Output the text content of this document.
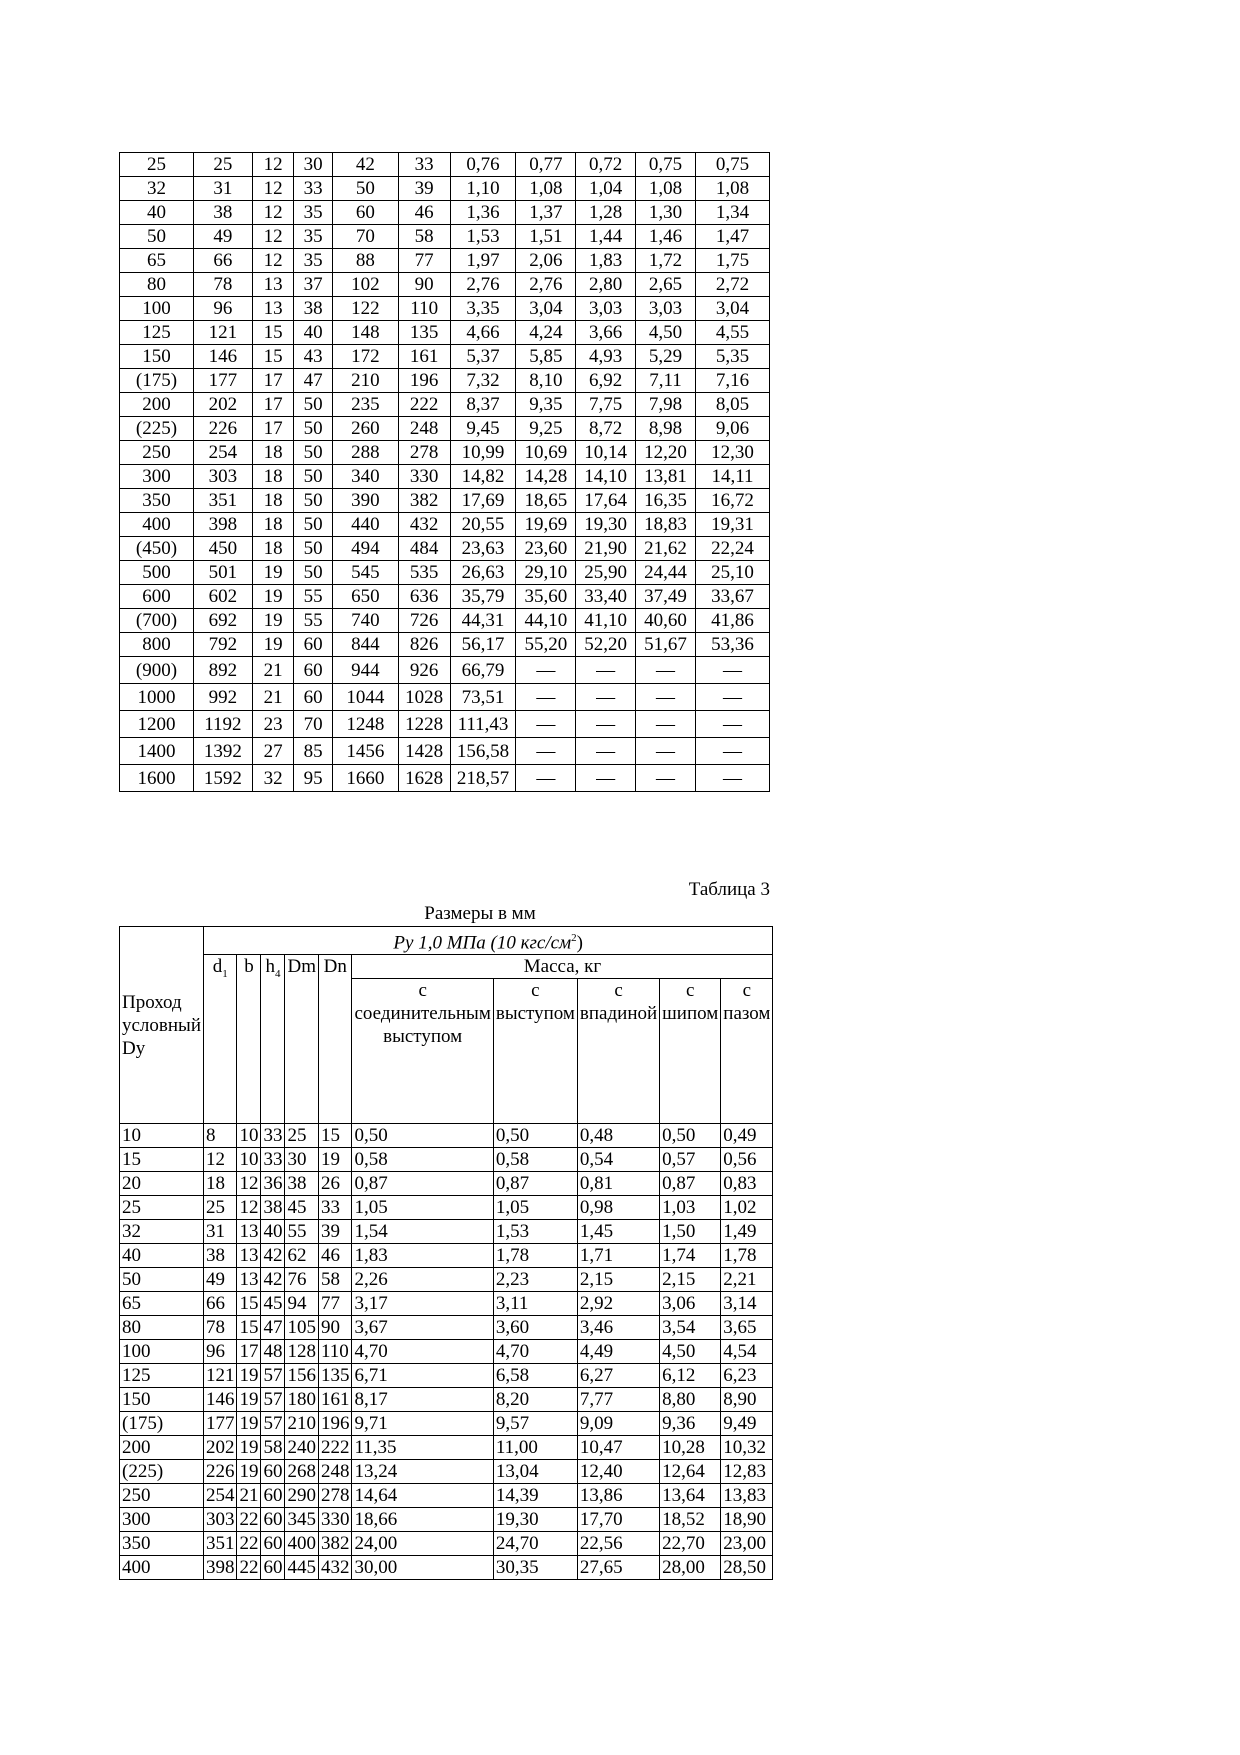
25	25	12	30	42	33	0,76	0,77	0,72	0,75	0,75
32	31	12	33	50	39	1,10	1,08	1,04	1,08	1,08
40	38	12	35	60	46	1,36	1,37	1,28	1,30	1,34
50	49	12	35	70	58	1,53	1,51	1,44	1,46	1,47
65	66	12	35	88	77	1,97	2,06	1,83	1,72	1,75
80	78	13	37	102	90	2,76	2,76	2,80	2,65	2,72
100	96	13	38	122	110	3,35	3,04	3,03	3,03	3,04
125	121	15	40	148	135	4,66	4,24	3,66	4,50	4,55
150	146	15	43	172	161	5,37	5,85	4,93	5,29	5,35
(175)	177	17	47	210	196	7,32	8,10	6,92	7,11	7,16
200	202	17	50	235	222	8,37	9,35	7,75	7,98	8,05
(225)	226	17	50	260	248	9,45	9,25	8,72	8,98	9,06
250	254	18	50	288	278	10,99	10,69	10,14	12,20	12,30
300	303	18	50	340	330	14,82	14,28	14,10	13,81	14,11
350	351	18	50	390	382	17,69	18,65	17,64	16,35	16,72
400	398	18	50	440	432	20,55	19,69	19,30	18,83	19,31
(450)	450	18	50	494	484	23,63	23,60	21,90	21,62	22,24
500	501	19	50	545	535	26,63	29,10	25,90	24,44	25,10
600	602	19	55	650	636	35,79	35,60	33,40	37,49	33,67
(700)	692	19	55	740	726	44,31	44,10	41,10	40,60	41,86
800	792	19	60	844	826	56,17	55,20	52,20	51,67	53,36
(900)	892	21	60	944	926	66,79	—	—	—	—
1000	992	21	60	1044	1028	73,51	—	—	—	—
1200	1192	23	70	1248	1228	111,43	—	—	—	—
1400	1392	27	85	1456	1428	156,58	—	—	—	—
1600	1592	32	95	1660	1628	218,57	—	—	—	—
Таблица 3
Размеры в мм
Проход условный Dy	Ру 1,0 МПа (10 кгс/$см^2$)									
	$d_1$	b	$h_4$	Dm	Dn	Масса, кг				
						с соединительным выступом	с выступом	с впадиной	с шипом	с пазом
10	8	10	33	25	15	0,50	0,50	0,48	0,50	0,49
15	12	10	33	30	19	0,58	0,58	0,54	0,57	0,56
20	18	12	36	38	26	0,87	0,87	0,81	0,87	0,83
25	25	12	38	45	33	1,05	1,05	0,98	1,03	1,02
32	31	13	40	55	39	1,54	1,53	1,45	1,50	1,49
40	38	13	42	62	46	1,83	1,78	1,71	1,74	1,78
50	49	13	42	76	58	2,26	2,23	2,15	2,15	2,21
65	66	15	45	94	77	3,17	3,11	2,92	3,06	3,14
80	78	15	47	105	90	3,67	3,60	3,46	3,54	3,65
100	96	17	48	128	110	4,70	4,70	4,49	4,50	4,54
125	121	19	57	156	135	6,71	6,58	6,27	6,12	6,23
150	146	19	57	180	161	8,17	8,20	7,77	8,80	8,90
(175)	177	19	57	210	196	9,71	9,57	9,09	9,36	9,49
200	202	19	58	240	222	11,35	11,00	10,47	10,28	10,32
(225)	226	19	60	268	248	13,24	13,04	12,40	12,64	12,83
250	254	21	60	290	278	14,64	14,39	13,86	13,64	13,83
300	303	22	60	345	330	18,66	19,30	17,70	18,52	18,90
350	351	22	60	400	382	24,00	24,70	22,56	22,70	23,00
400	398	22	60	445	432	30,00	30,35	27,65	28,00	28,50
